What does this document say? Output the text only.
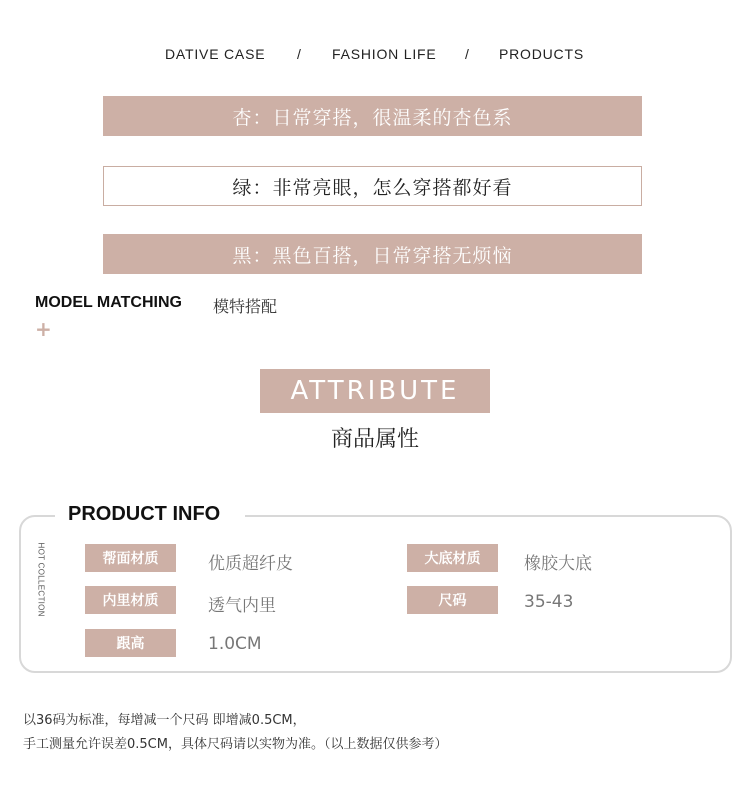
DATIVE CASE / FASHION LIFE / PRODUCTS
杏：日常穿搭，很温柔的杏色系
绿：非常亮眼，怎么穿搭都好看
黑：黑色百搭，日常穿搭无烦恼
MODEL MATCHING 模特搭配
+
ATTRIBUTE
商品属性
PRODUCT INFO
HOT COLLECTION	帮面材质	优质超纤皮	大底材质	橡胶大底
内里材质	透气内里	尺码	35-43
跟高	1.0CM
以36码为标准，每增减一个尺码 即增减0.5CM，
手工测量允许误差0.5CM，具体尺码请以实物为准。（以上数据仅供参考）
